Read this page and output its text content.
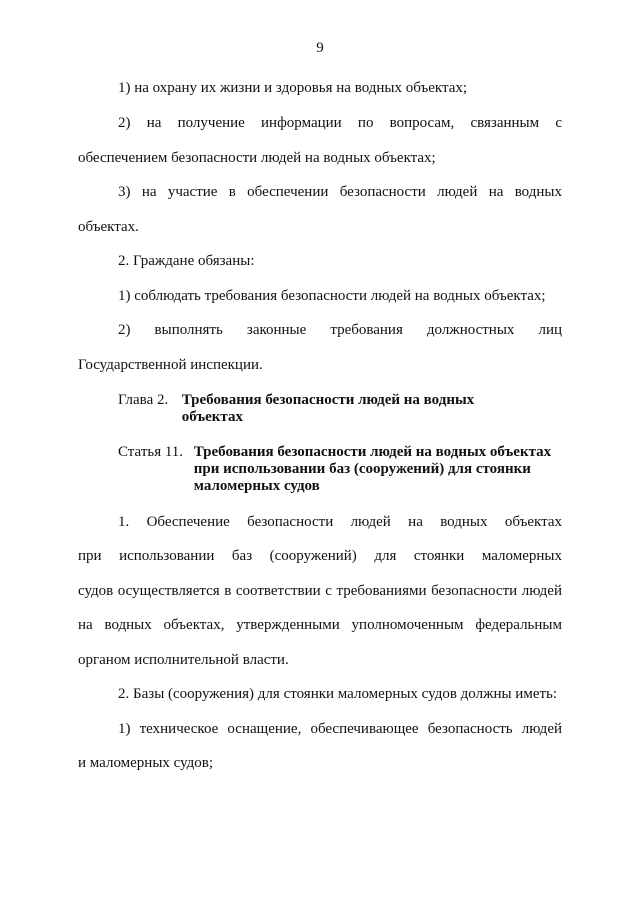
9
1) на охрану их жизни и здоровья на водных объектах;
2) на получение информации по вопросам, связанным с
обеспечением безопасности людей на водных объектах;
3) на участие в обеспечении безопасности людей на водных
объектах.
2. Граждане обязаны:
1) соблюдать требования безопасности людей на водных объектах;
2) выполнять законные требования должностных лиц
Государственной инспекции.
Глава 2. Требования безопасности людей на водных
объектах
Статья 11. Требования безопасности людей на водных объектах
при использовании баз (сооружений) для стоянки
маломерных судов
1. Обеспечение безопасности людей на водных объектах
при использовании баз (сооружений) для стоянки маломерных
судов осуществляется в соответствии с требованиями безопасности людей
на водных объектах, утвержденными уполномоченным федеральным
органом исполнительной власти.
2. Базы (сооружения) для стоянки маломерных судов должны иметь:
1) техническое оснащение, обеспечивающее безопасность людей
и маломерных судов;
